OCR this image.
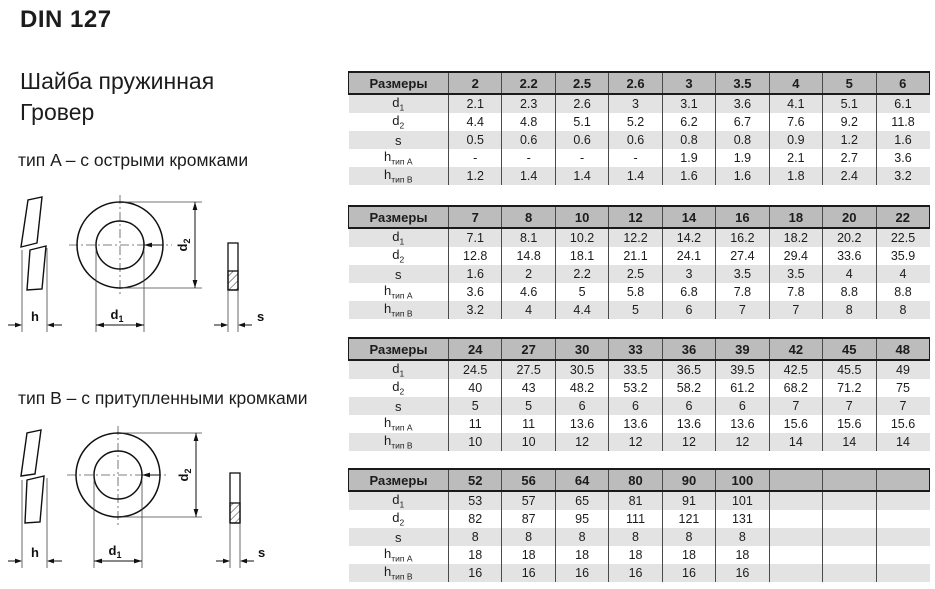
DIN 127
Шайба пружинная
Гровер
тип A – с острыми кромками
тип B – с притупленными кромками
h
$d_2$
$d_1$	s
h
$d_2$
$d_1$	s
Размеры	2	2.2	2.5	2.6	3	3.5	4	5	6
$d_1$	2.1	2.3	2.6	3	3.1	3.6	4.1	5.1	6.1
$d_2$	4.4	4.8	5.1	5.2	6.2	6.7	7.6	9.2	11.8
s	0.5	0.6	0.6	0.6	0.8	0.8	0.9	1.2	1.6
$h_{тип A}$	-	-	-	-	1.9	1.9	2.1	2.7	3.6
$h_{тип B}$	1.2	1.4	1.4	1.4	1.6	1.6	1.8	2.4	3.2
Размеры	7	8	10	12	14	16	18	20	22
$d_1$	7.1	8.1	10.2	12.2	14.2	16.2	18.2	20.2	22.5
$d_2$	12.8	14.8	18.1	21.1	24.1	27.4	29.4	33.6	35.9
s	1.6	2	2.2	2.5	3	3.5	3.5	4	4
$h_{тип A}$	3.6	4.6	5	5.8	6.8	7.8	7.8	8.8	8.8
$h_{тип B}$	3.2	4	4.4	5	6	7	7	8	8
Размеры	24	27	30	33	36	39	42	45	48
$d_1$	24.5	27.5	30.5	33.5	36.5	39.5	42.5	45.5	49
$d_2$	40	43	48.2	53.2	58.2	61.2	68.2	71.2	75
s	5	5	6	6	6	6	7	7	7
$h_{тип A}$	11	11	13.6	13.6	13.6	13.6	15.6	15.6	15.6
$h_{тип B}$	10	10	12	12	12	12	14	14	14
Размеры	52	56	64	80	90	100			
$d_1$	53	57	65	81	91	101			
$d_2$	82	87	95	111	121	131			
s	8	8	8	8	8	8			
$h_{тип A}$	18	18	18	18	18	18			
$h_{тип B}$	16	16	16	16	16	16			
